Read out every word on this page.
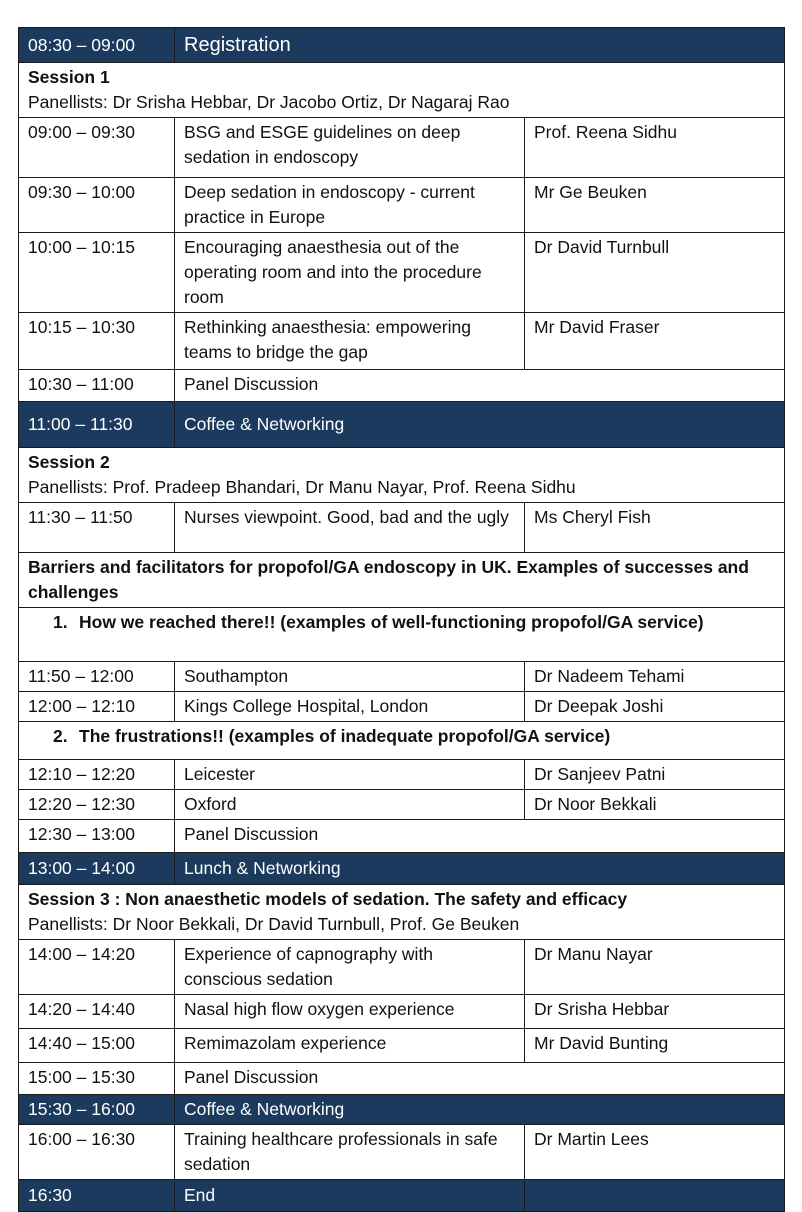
08:30 – 09:00	Registration	
Session 1
Panellists: Dr Srisha Hebbar, Dr Jacobo Ortiz, Dr Nagaraj Rao		
09:00 – 09:30	BSG and ESGE guidelines on deep sedation in endoscopy	Prof. Reena Sidhu
09:30 – 10:00	Deep sedation in endoscopy - current practice in Europe	Mr Ge Beuken
10:00 – 10:15	Encouraging anaesthesia out of the operating room and into the procedure room	Dr David Turnbull
10:15 – 10:30	Rethinking anaesthesia: empowering teams to bridge the gap	Mr David Fraser
10:30 – 11:00	Panel Discussion	
11:00 – 11:30	Coffee & Networking	
Session 2
Panellists: Prof. Pradeep Bhandari, Dr Manu Nayar, Prof. Reena Sidhu		
11:30 – 11:50	Nurses viewpoint. Good, bad and the ugly	Ms Cheryl Fish
Barriers and facilitators for propofol/GA endoscopy in UK. Examples of successes and challenges		
1. How we reached there!! (examples of well-functioning propofol/GA service)		
11:50 – 12:00	Southampton	Dr Nadeem Tehami
12:00 – 12:10	Kings College Hospital, London	Dr Deepak Joshi
2. The frustrations!! (examples of inadequate propofol/GA service)		
12:10 – 12:20	Leicester	Dr Sanjeev Patni
12:20 – 12:30	Oxford	Dr Noor Bekkali
12:30 – 13:00	Panel Discussion	
13:00 – 14:00	Lunch & Networking	
Session 3 : Non anaesthetic models of sedation. The safety and efficacy
Panellists: Dr Noor Bekkali, Dr David Turnbull, Prof. Ge Beuken		
14:00 – 14:20	Experience of capnography with conscious sedation	Dr Manu Nayar
14:20 – 14:40	Nasal high flow oxygen experience	Dr Srisha Hebbar
14:40 – 15:00	Remimazolam experience	Mr David Bunting
15:00 – 15:30	Panel Discussion	
15:30 – 16:00	Coffee & Networking	
16:00 – 16:30	Training healthcare professionals in safe sedation	Dr Martin Lees
16:30	End	
